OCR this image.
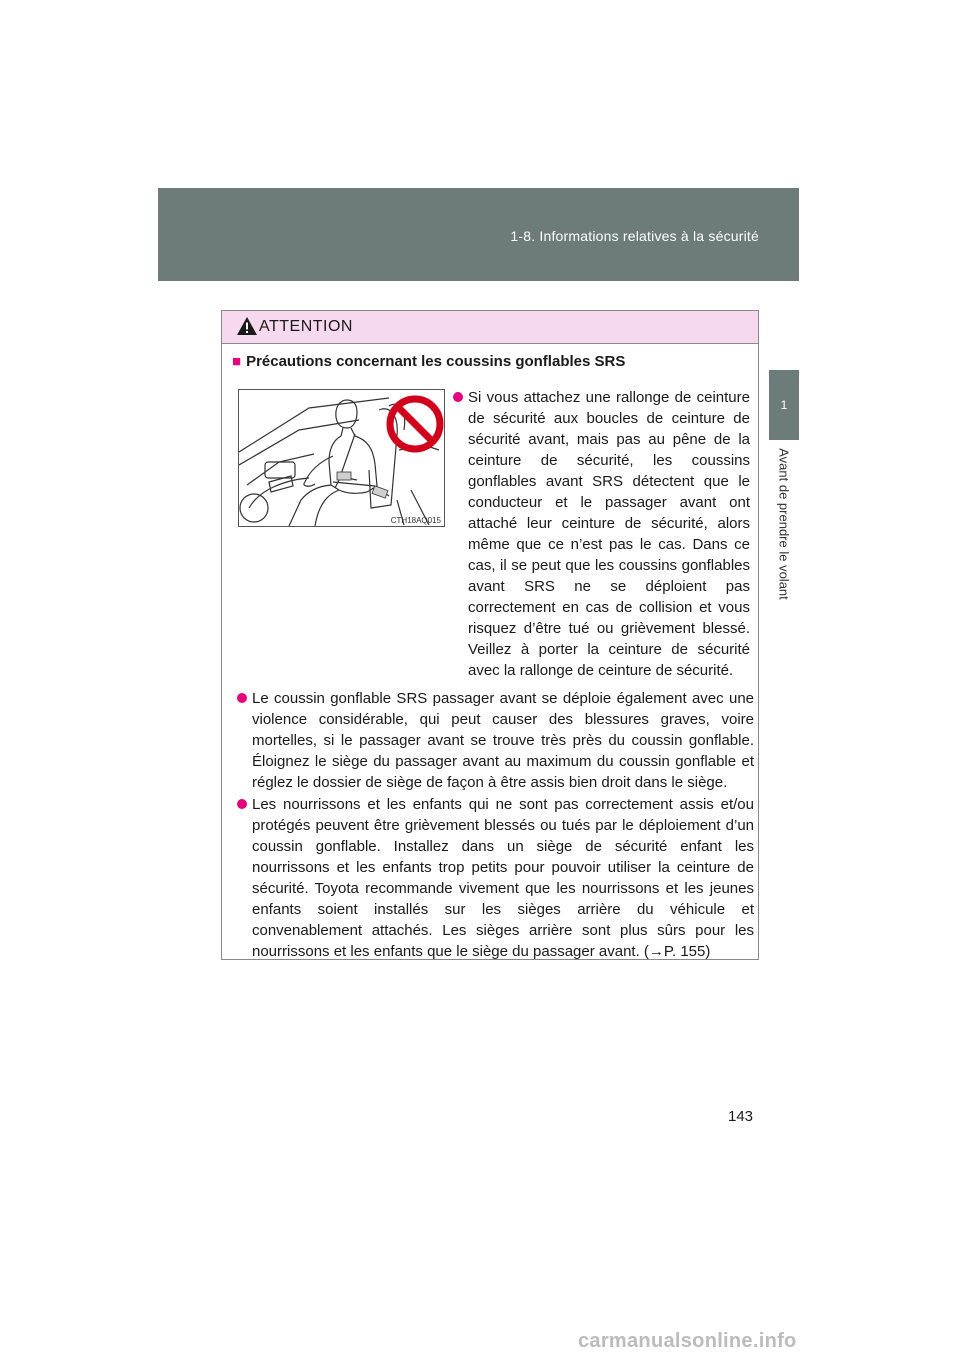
1-8. Informations relatives à la sécurité
1
Avant de prendre le volant
ATTENTION
■ Précautions concernant les coussins gonflables SRS
CTH18AQ015
Si vous attachez une rallonge de ceinture de sécurité aux boucles de ceinture de sécurité avant, mais pas au pêne de la ceinture de sécurité, les coussins gonflables avant SRS détectent que le conducteur et le passager avant ont attaché leur ceinture de sécurité, alors même que ce n’est pas le cas. Dans ce cas, il se peut que les coussins gonflables avant SRS ne se déploient pas correctement en cas de collision et vous risquez d’être tué ou grièvement blessé. Veillez à porter la ceinture de sécurité avec la rallonge de ceinture de sécurité.
Le coussin gonflable SRS passager avant se déploie également avec une violence considérable, qui peut causer des blessures graves, voire mortelles, si le passager avant se trouve très près du coussin gonflable. Éloignez le siège du passager avant au maximum du coussin gonflable et réglez le dossier de siège de façon à être assis bien droit dans le siège.
Les nourrissons et les enfants qui ne sont pas correctement assis et/ou protégés peuvent être grièvement blessés ou tués par le déploiement d’un coussin gonflable. Installez dans un siège de sécurité enfant les nourrissons et les enfants trop petits pour pouvoir utiliser la ceinture de sécurité. Toyota recommande vivement que les nourrissons et les jeunes enfants soient installés sur les sièges arrière du véhicule et convenablement attachés. Les sièges arrière sont plus sûrs pour les nourrissons et les enfants que le siège du passager avant. (→P. 155)
143
carmanualsonline.info
